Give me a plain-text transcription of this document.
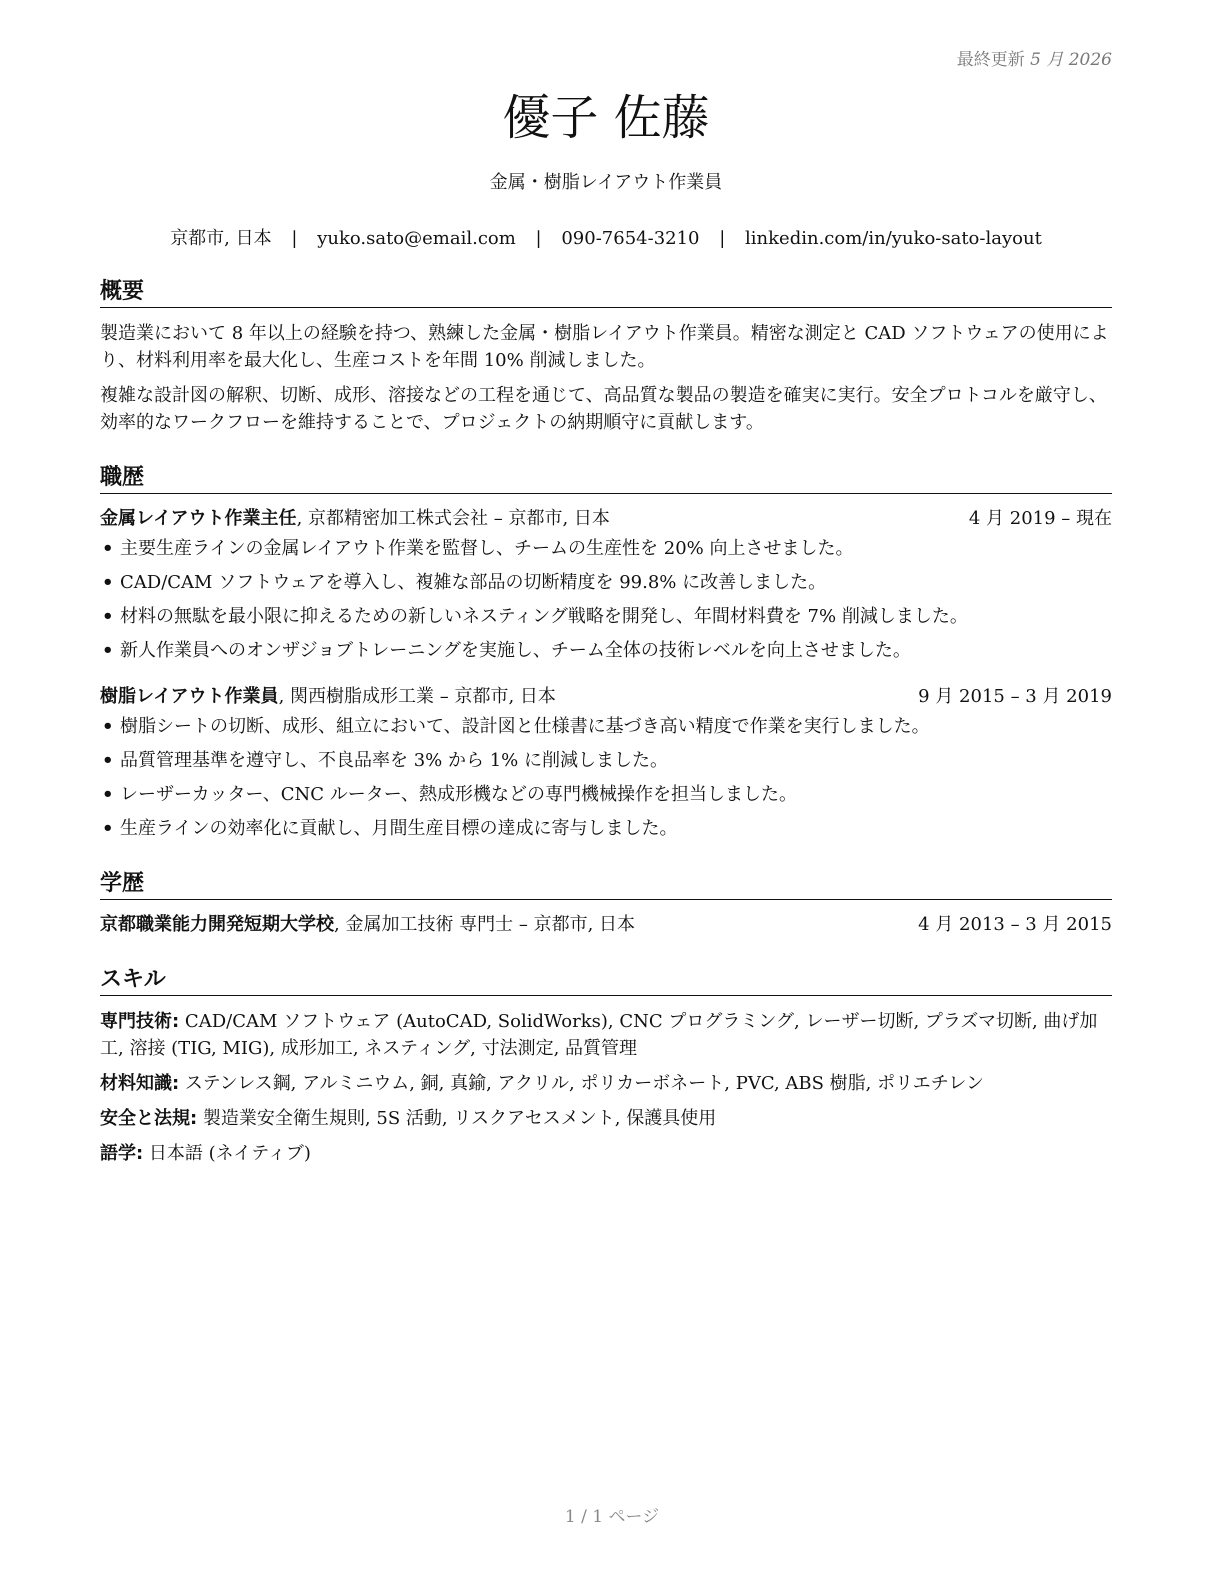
最終更新 5 月 2026
優子 佐藤
金属・樹脂レイアウト作業員
京都市, 日本 | yuko.sato@email.com | 090-7654-3210 | linkedin.com/in/yuko-sato-layout
概要
製造業において 8 年以上の経験を持つ、熟練した金属・樹脂レイアウト作業員。精密な測定と CAD ソフトウェアの使用により、材料利用率を最大化し、生産コストを年間 10% 削減しました。
複雑な設計図の解釈、切断、成形、溶接などの工程を通じて、高品質な製品の製造を確実に実行。安全プロトコルを厳守し、効率的なワークフローを維持することで、プロジェクトの納期順守に貢献します。
職歴
金属レイアウト作業主任, 京都精密加工株式会社 – 京都市, 日本	4 月 2019 – 現在
• 主要生産ラインの金属レイアウト作業を監督し、チームの生産性を 20% 向上させました。
• CAD/CAM ソフトウェアを導入し、複雑な部品の切断精度を 99.8% に改善しました。
• 材料の無駄を最小限に抑えるための新しいネスティング戦略を開発し、年間材料費を 7% 削減しました。
• 新人作業員へのオンザジョブトレーニングを実施し、チーム全体の技術レベルを向上させました。
樹脂レイアウト作業員, 関西樹脂成形工業 – 京都市, 日本	9 月 2015 – 3 月 2019
• 樹脂シートの切断、成形、組立において、設計図と仕様書に基づき高い精度で作業を実行しました。
• 品質管理基準を遵守し、不良品率を 3% から 1% に削減しました。
• レーザーカッター、CNC ルーター、熱成形機などの専門機械操作を担当しました。
• 生産ラインの効率化に貢献し、月間生産目標の達成に寄与しました。
学歴
京都職業能力開発短期大学校, 金属加工技術 専門士 – 京都市, 日本	4 月 2013 – 3 月 2015
スキル
専門技術: CAD/CAM ソフトウェア (AutoCAD, SolidWorks), CNC プログラミング, レーザー切断, プラズマ切断, 曲げ加工, 溶接 (TIG, MIG), 成形加工, ネスティング, 寸法測定, 品質管理
材料知識: ステンレス鋼, アルミニウム, 銅, 真鍮, アクリル, ポリカーボネート, PVC, ABS 樹脂, ポリエチレン
安全と法規: 製造業安全衛生規則, 5S 活動, リスクアセスメント, 保護具使用
語学: 日本語 (ネイティブ)
1 / 1 ページ
